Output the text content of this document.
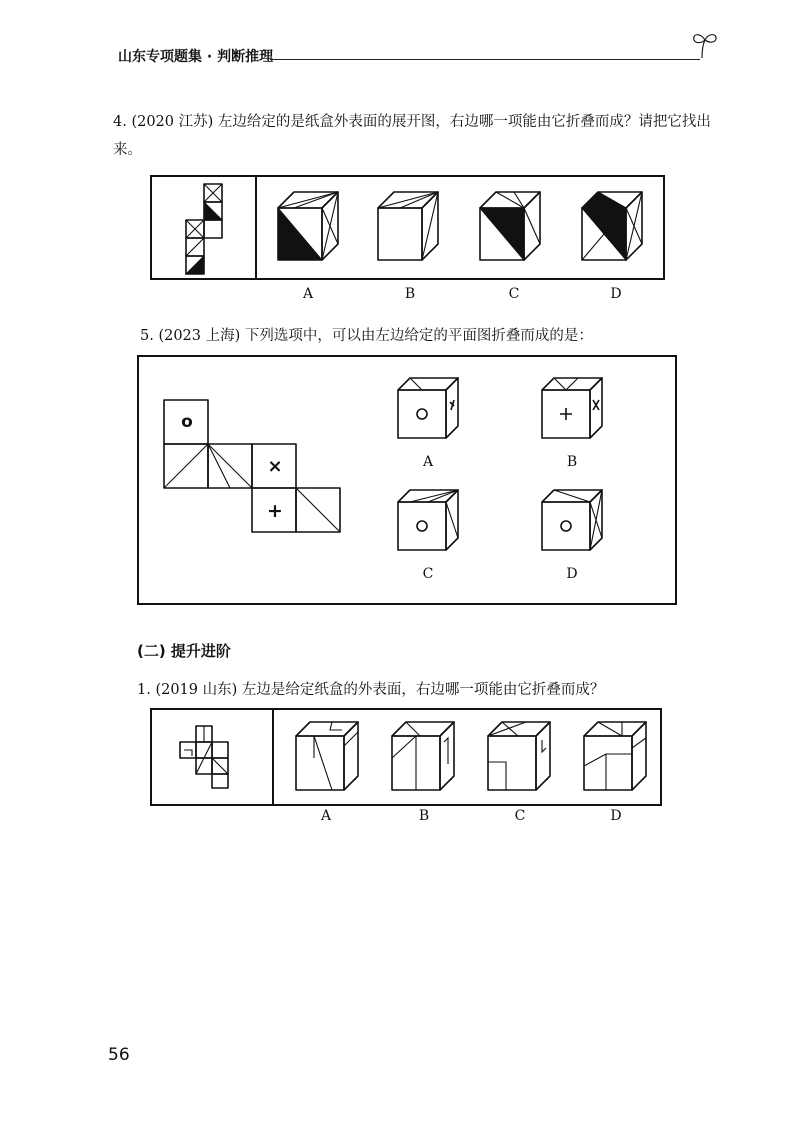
山东专项题集 · 判断推理
4. (2020 江苏) 左边给定的是纸盒外表面的展开图，右边哪一项能由它折叠而成？请把它找出来。
A	B	C	D
5. (2023 上海) 下列选项中，可以由左边给定的平面图折叠而成的是：
o
×
+
A	B
C	D
(二) 提升进阶
1. (2019 山东) 左边是给定纸盒的外表面，右边哪一项能由它折叠而成？
A	B	C	D
56
